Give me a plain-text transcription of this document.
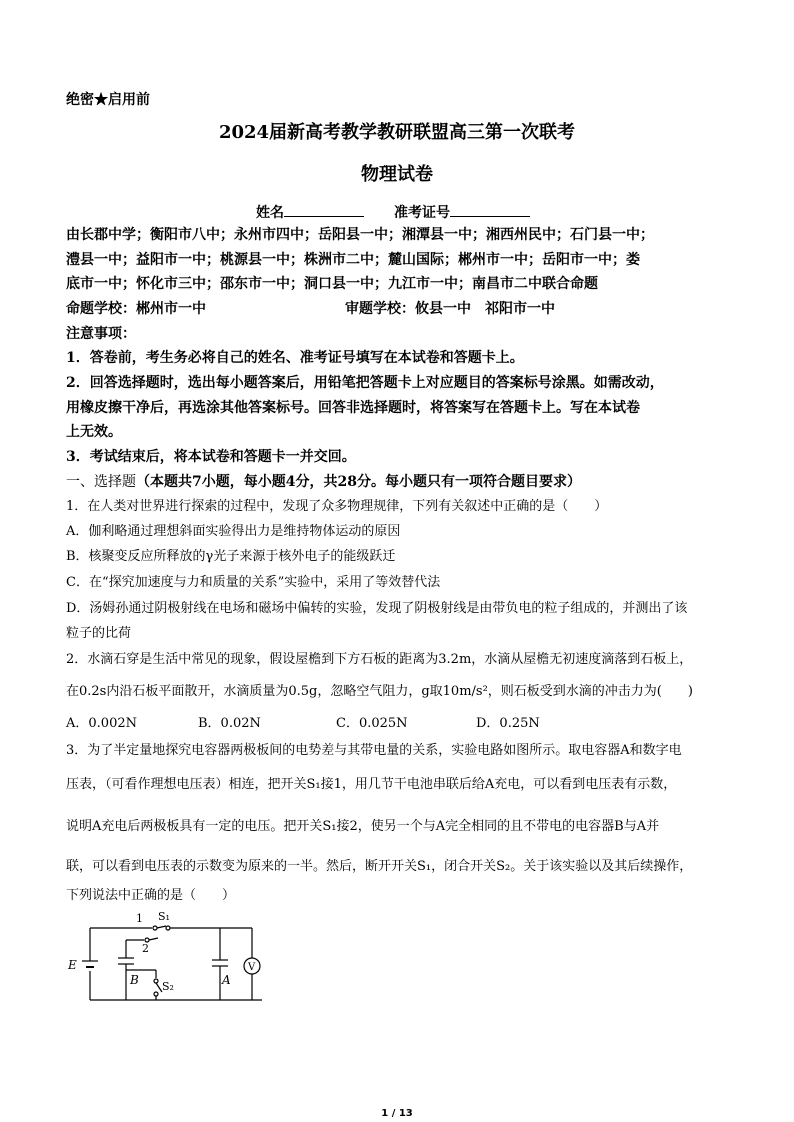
绝密★启用前
2024届新高考教学教研联盟高三第一次联考
物理试卷
姓名	准考证号
由长郡中学；衡阳市八中；永州市四中；岳阳县一中；湘潭县一中；湘西州民中；石门县一中；
澧县一中；益阳市一中；桃源县一中；株洲市二中；麓山国际；郴州市一中；岳阳市一中；娄
底市一中；怀化市三中；邵东市一中；洞口县一中；九江市一中；南昌市二中联合命题
命题学校：郴州市一中	审题学校：攸县一中　祁阳市一中
注意事项：
1．答卷前，考生务必将自己的姓名、准考证号填写在本试卷和答题卡上。
2．回答选择题时，选出每小题答案后，用铅笔把答题卡上对应题目的答案标号涂黑。如需改动，
用橡皮擦干净后，再选涂其他答案标号。回答非选择题时，将答案写在答题卡上。写在本试卷
上无效。
3．考试结束后，将本试卷和答题卡一并交回。
一、选择题（本题共7小题，每小题4分，共28分。每小题只有一项符合题目要求）
1．在人类对世界进行探索的过程中，发现了众多物理规律，下列有关叙述中正确的是（　　）
A．伽利略通过理想斜面实验得出力是维持物体运动的原因
B．核聚变反应所释放的γ光子来源于核外电子的能级跃迁
C．在“探究加速度与力和质量的关系”实验中，采用了等效替代法
D．汤姆孙通过阴极射线在电场和磁场中偏转的实验，发现了阴极射线是由带负电的粒子组成的，并测出了该
粒子的比荷
2．水滴石穿是生活中常见的现象，假设屋檐到下方石板的距离为3.2m，水滴从屋檐无初速度滴落到石板上，
在0.2s内沿石板平面散开，水滴质量为0.5g，忽略空气阻力，g取10m/s²，则石板受到水滴的冲击力为(　　)
A．0.002N	B．0.02N	C．0.025N	D．0.25N
3．为了半定量地探究电容器两极板间的电势差与其带电量的关系，实验电路如图所示。取电容器A和数字电
压表，（可看作理想电压表）相连，把开关S₁接1，用几节干电池串联后给A充电，可以看到电压表有示数，
说明A充电后两极板具有一定的电压。把开关S₁接2，使另一个与A完全相同的且不带电的电容器B与A并
联，可以看到电压表的示数变为原来的一半。然后，断开开关S₁，闭合开关S₂。关于该实验以及其后续操作，
下列说法中正确的是（　　）
E
1
2
S₁
S₂
B	A
V
1 / 13
